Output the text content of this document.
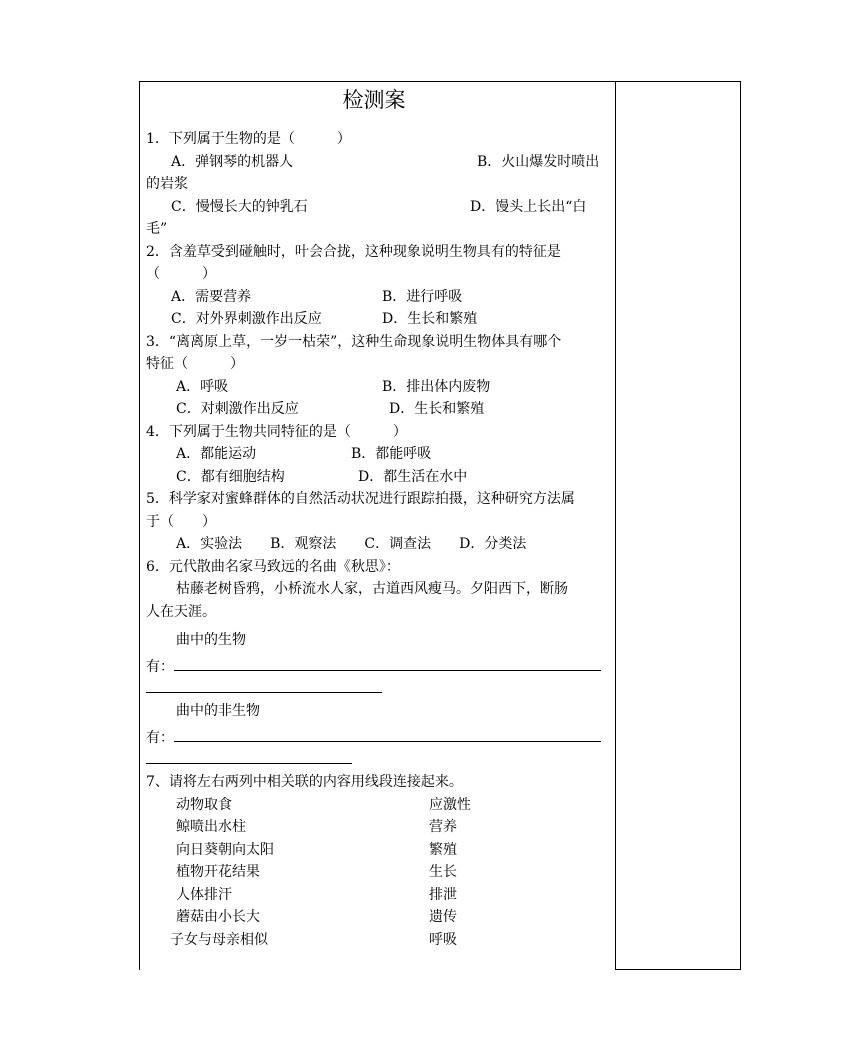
检测案
1．下列属于生物的是（　　　）
A．弹钢琴的机器人	B．火山爆发时喷出

的岩浆
C．慢慢长大的钟乳石	D．馒头上长出“白

毛”
2．含羞草受到碰触时，叶会合拢，这种现象说明生物具有的特征是
（　　　）
A．需要营养	B．进行呼吸

C．对外界刺激作出反应	D．生长和繁殖

3．“离离原上草，一岁一枯荣”，这种生命现象说明生物体具有哪个
特征（　　　）
A．呼吸	B．排出体内废物

C．对刺激作出反应	D．生长和繁殖

4．下列属于生物共同特征的是（　　　）
A．都能运动	B．都能呼吸

C．都有细胞结构	D．都生活在水中

5．科学家对蜜蜂群体的自然活动状况进行跟踪拍摄，这种研究方法属
于（　　）
A．实验法　　B．观察法　　C．调查法　　D．分类法
6．元代散曲名家马致远的名曲《秋思》：
枯藤老树昏鸦，小桥流水人家，古道西风瘦马。夕阳西下，断肠
人在天涯。
曲中的生物
有：
曲中的非生物
有：
7、请将左右两列中相关联的内容用线段连接起来。
动物取食	应激性
鲸喷出水柱	营养
向日葵朝向太阳	繁殖
植物开花结果	生长
人体排汗	排泄
蘑菇由小长大	遗传
子女与母亲相似	呼吸
